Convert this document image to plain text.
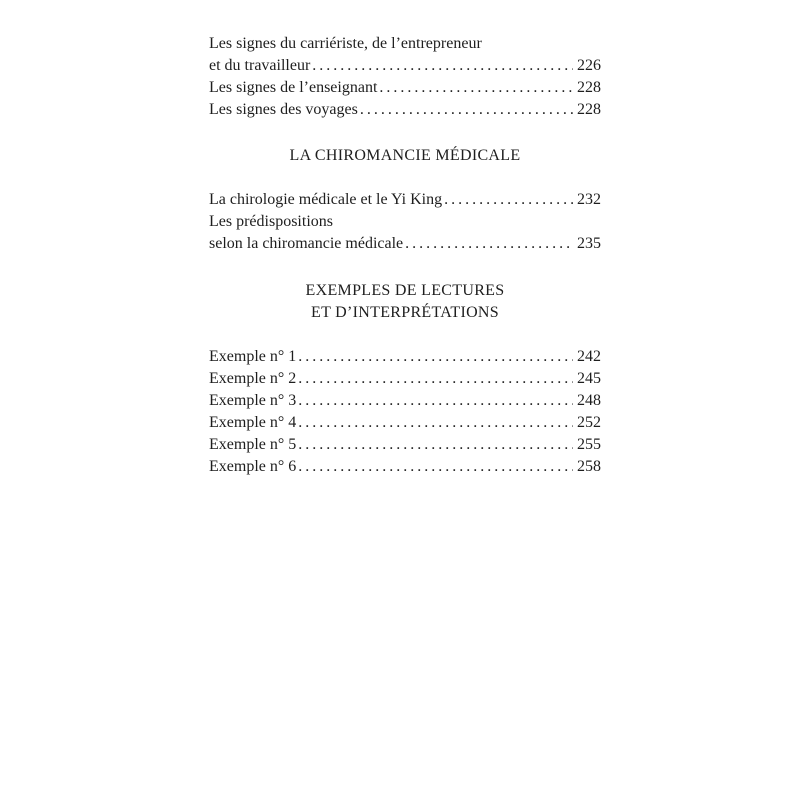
Les signes du carriériste, de l’entrepreneur
et du travailleur . . .	226
Les signes de l’enseignant . . .	228
Les signes des voyages . . .	228
LA CHIROMANCIE MÉDICALE
La chirologie médicale et le Yi King . . .	232
Les prédispositions
selon la chiromancie médicale . . .	235
EXEMPLES DE LECTURES
ET D’INTERPRÉTATIONS
Exemple n° 1 . . .	242
Exemple n° 2 . . .	245
Exemple n° 3 . . .	248
Exemple n° 4 . . .	252
Exemple n° 5 . . .	255
Exemple n° 6 . . .	258
